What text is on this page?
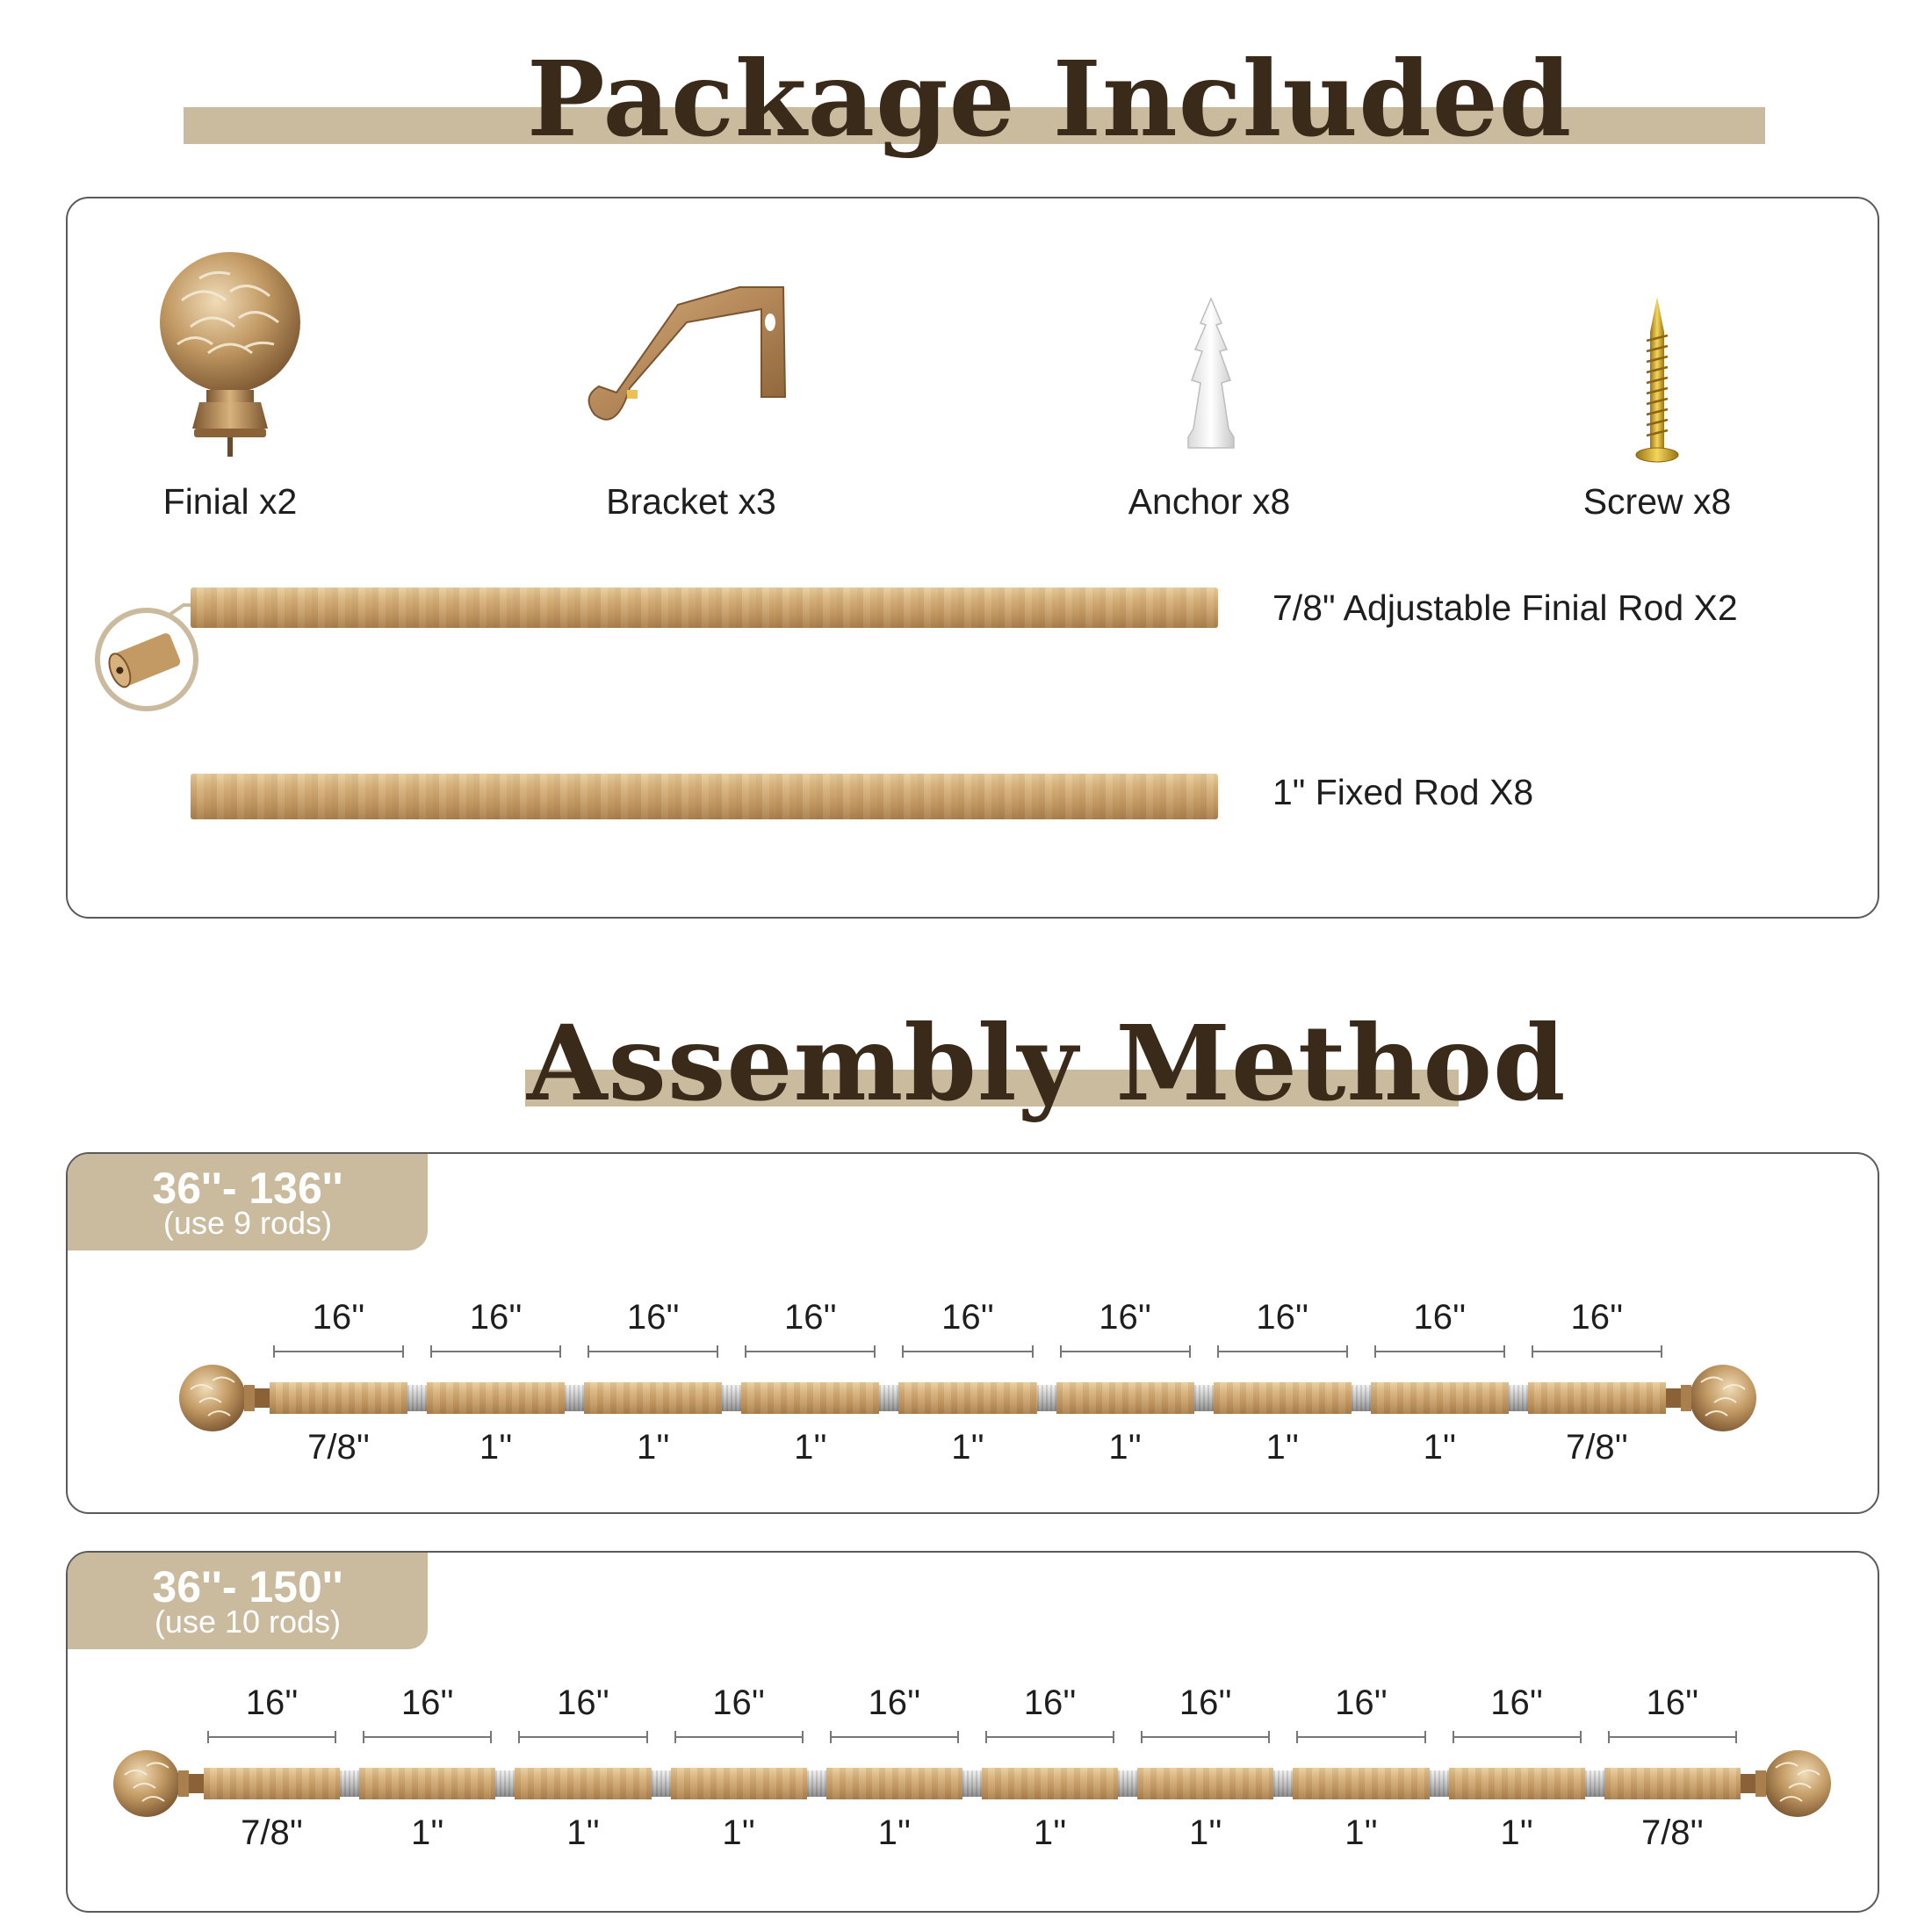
Package Included
Finial x2	Bracket x3	Anchor x8	Screw x8
7/8" Adjustable Finial Rod X2
1" Fixed Rod X8
Assembly Method
36''- 136''
(use 9 rods)
16''
7/8''
16''
1''
16''
1''
16''
1''
16''
1''
16''
1''
16''
1''
16''
1''
16''
7/8''
36''- 150''
(use 10 rods)
16''
7/8''
16''
1''
16''
1''
16''
1''
16''
1''
16''
1''
16''
1''
16''
1''
16''
1''
16''
7/8''
